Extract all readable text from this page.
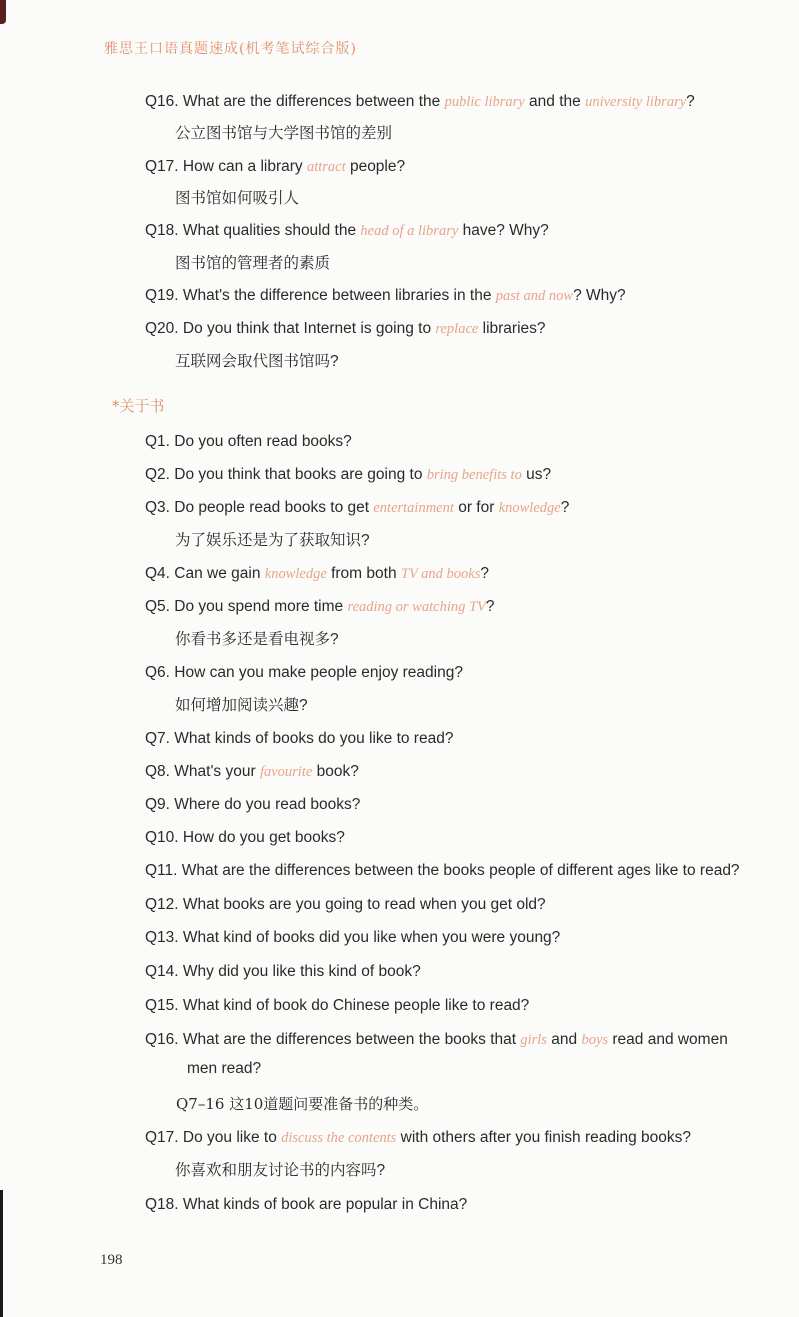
雅思王口语真题速成(机考笔试综合版)
Q16. What are the differences between the public library and the university library?
公立图书馆与大学图书馆的差别
Q17. How can a library attract people?
图书馆如何吸引人
Q18. What qualities should the head of a library have? Why?
图书馆的管理者的素质
Q19. What's the difference between libraries in the past and now? Why?
Q20. Do you think that Internet is going to replace libraries?
互联网会取代图书馆吗?
*关于书
Q1. Do you often read books?
Q2. Do you think that books are going to bring benefits to us?
Q3. Do people read books to get entertainment or for knowledge?
为了娱乐还是为了获取知识?
Q4. Can we gain knowledge from both TV and books?
Q5. Do you spend more time reading or watching TV?
你看书多还是看电视多?
Q6. How can you make people enjoy reading?
如何增加阅读兴趣?
Q7. What kinds of books do you like to read?
Q8. What's your favourite book?
Q9. Where do you read books?
Q10. How do you get books?
Q11. What are the differences between the books people of different ages like to read?
Q12. What books are you going to read when you get old?
Q13. What kind of books did you like when you were young?
Q14. Why did you like this kind of book?
Q15. What kind of book do Chinese people like to read?
Q16. What are the differences between the books that girls and boys read and women
men read?
Q7–16 这10道题问要准备书的种类。
Q17. Do you like to discuss the contents with others after you finish reading books?
你喜欢和朋友讨论书的内容吗?
Q18. What kinds of book are popular in China?
198
